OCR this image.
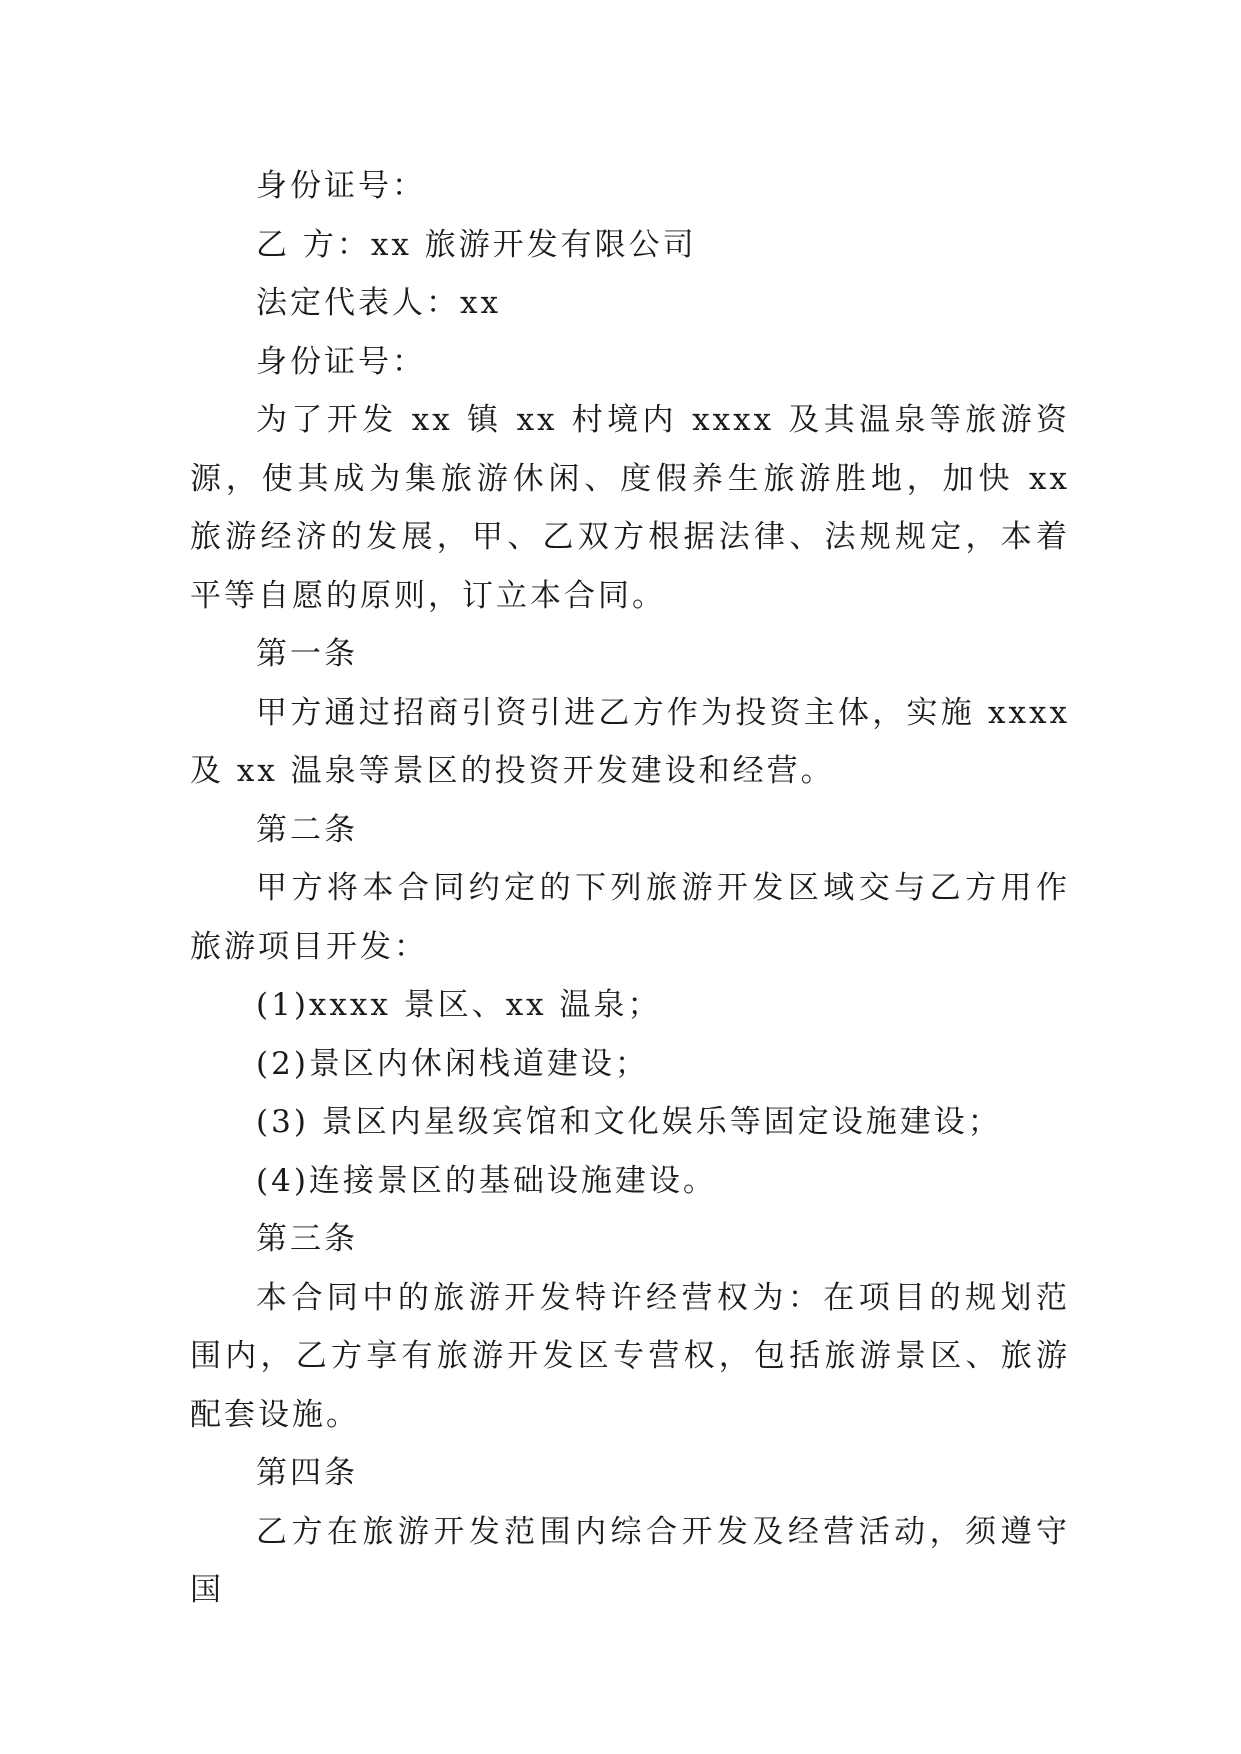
身份证号：

乙 方：xx 旅游开发有限公司

法定代表人：xx

身份证号：

为了开发 xx 镇 xx 村境内 xxxx 及其温泉等旅游资源，使其成为集旅游休闲、度假养生旅游胜地，加快 xx 旅游经济的发展，甲、乙双方根据法律、法规规定，本着平等自愿的原则，订立本合同。

第一条

甲方通过招商引资引进乙方作为投资主体，实施 xxxx 及 xx 温泉等景区的投资开发建设和经营。

第二条

甲方将本合同约定的下列旅游开发区域交与乙方用作旅游项目开发：

(1)xxxx 景区、xx 温泉；

(2)景区内休闲栈道建设；

(3) 景区内星级宾馆和文化娱乐等固定设施建设；

(4)连接景区的基础设施建设。

第三条

本合同中的旅游开发特许经营权为：在项目的规划范围内，乙方享有旅游开发区专营权，包括旅游景区、旅游配套设施。

第四条

乙方在旅游开发范围内综合开发及经营活动，须遵守国
